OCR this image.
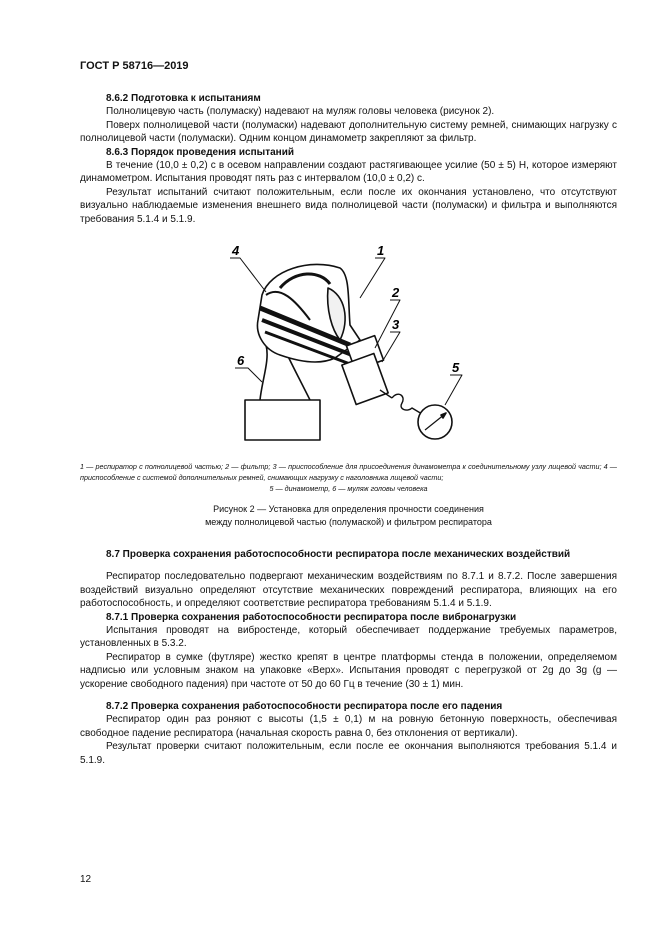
ГОСТ Р 58716—2019

8.6.2 Подготовка к испытаниям

Полнолицевую часть (полумаску) надевают на муляж головы человека (рисунок 2).

Поверх полнолицевой части (полумаски) надевают дополнительную систему ремней, снимающих нагрузку с полнолицевой части (полумаски). Одним концом динамометр закрепляют за фильтр.

8.6.3 Порядок проведения испытаний

В течение (10,0 ± 0,2) с в осевом направлении создают растягивающее усилие (50 ± 5) Н, которое измеряют динамометром. Испытания проводят пять раз с интервалом (10,0 ± 0,2) с.

Результат испытаний считают положительным, если после их окончания установлено, что отсутствуют визуально наблюдаемые изменения внешнего вида полнолицевой части (полумаски) и фильтра и выполняются требования 5.1.4 и 5.1.9.

4	1
2
3
5
6
1 — респиратор с полнолицевой частью; 2 — фильтр; 3 — приспособление для присоединения динамометра к соединительному узлу лицевой части; 4 — приспособление с системой дополнительных ремней, снимающих нагрузку с наголовника лицевой части;
5 — динамометр, 6 — муляж головы человека
Рисунок 2 — Установка для определения прочности соединения
между полнолицевой частью (полумаской) и фильтром респиратора

8.7 Проверка сохранения работоспособности респиратора после механических воздействий

Респиратор последовательно подвергают механическим воздействиям по 8.7.1 и 8.7.2. После завершения воздействий визуально определяют отсутствие механических повреждений респиратора, влияющих на его работоспособность, и определяют соответствие респиратора требованиям 5.1.4 и 5.1.9.

8.7.1 Проверка сохранения работоспособности респиратора после вибронагрузки

Испытания проводят на вибростенде, который обеспечивает поддержание требуемых параметров, установленных в 5.3.2.

Респиратор в сумке (футляре) жестко крепят в центре платформы стенда в положении, определяемом надписью или условным знаком на упаковке «Верх». Испытания проводят с перегрузкой от 2g до 3g (g — ускорение свободного падения) при частоте от 50 до 60 Гц в течение (30 ± 1) мин.

8.7.2 Проверка сохранения работоспособности респиратора после его падения

Респиратор один раз роняют с высоты (1,5 ± 0,1) м на ровную бетонную поверхность, обеспечивая свободное падение респиратора (начальная скорость равна 0, без отклонения от вертикали).

Результат проверки считают положительным, если после ее окончания выполняются требования 5.1.4 и 5.1.9.

12
